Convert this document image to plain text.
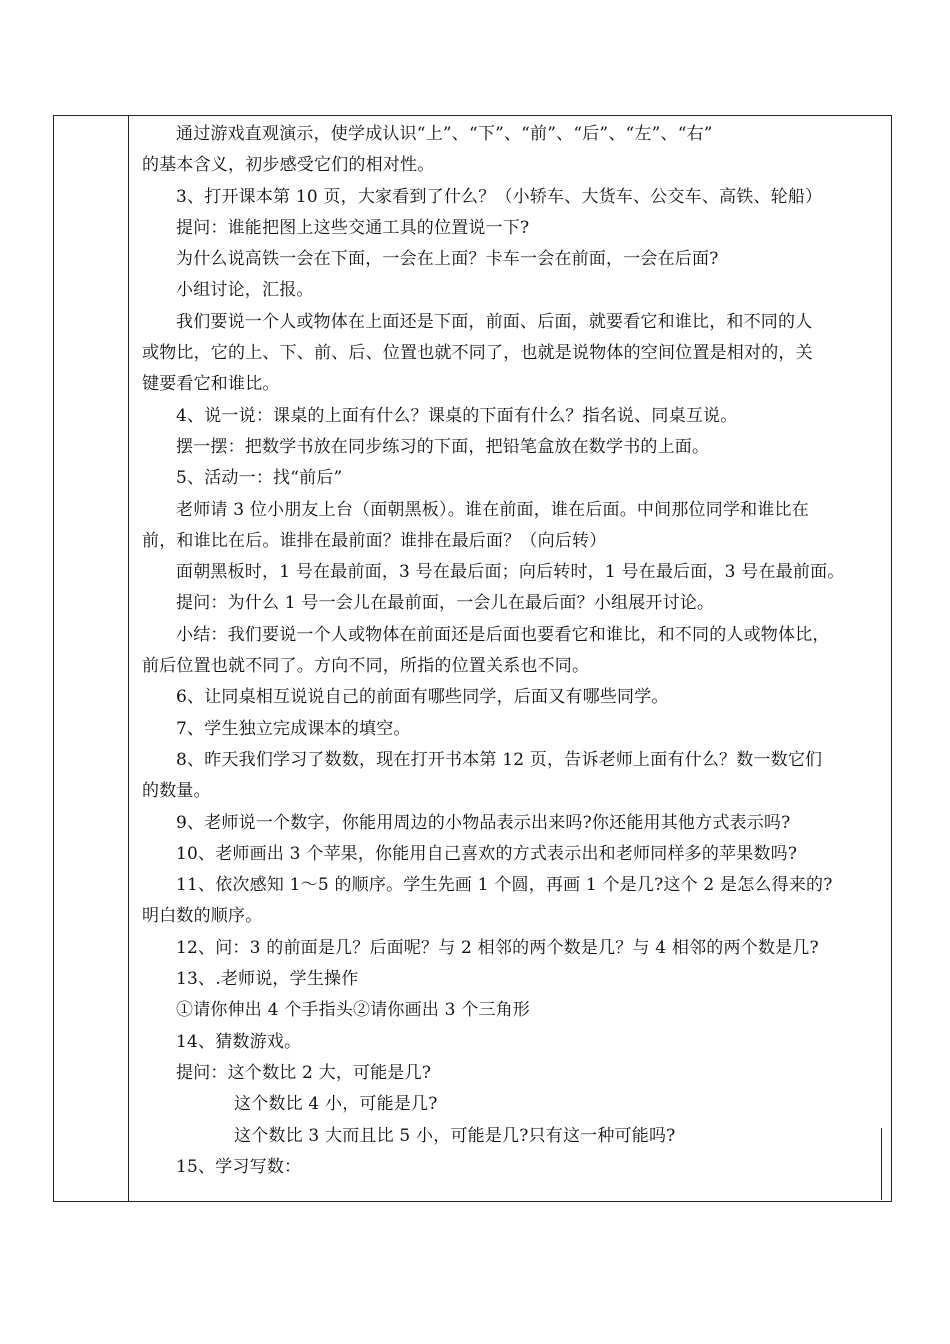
通过游戏直观演示，使学成认识“上”、“下”、“前”、“后”、“左”、“右”
的基本含义，初步感受它们的相对性。
3、打开课本第 10 页，大家看到了什么？（小轿车、大货车、公交车、高铁、轮船）
提问：谁能把图上这些交通工具的位置说一下?
为什么说高铁一会在下面，一会在上面？卡车一会在前面，一会在后面?
小组讨论，汇报。
我们要说一个人或物体在上面还是下面，前面、后面，就要看它和谁比，和不同的人
或物比，它的上、下、前、后、位置也就不同了，也就是说物体的空间位置是相对的，关
键要看它和谁比。
4、说一说：课桌的上面有什么？课桌的下面有什么？指名说、同桌互说。
摆一摆：把数学书放在同步练习的下面，把铅笔盒放在数学书的上面。
5、活动一：找“前后”
老师请 3 位小朋友上台（面朝黑板）。谁在前面，谁在后面。中间那位同学和谁比在
前，和谁比在后。谁排在最前面？谁排在最后面？（向后转）
面朝黑板时，1 号在最前面，3 号在最后面；向后转时，1 号在最后面，3 号在最前面。
提问：为什么 1 号一会儿在最前面，一会儿在最后面？小组展开讨论。
小结：我们要说一个人或物体在前面还是后面也要看它和谁比，和不同的人或物体比，
前后位置也就不同了。方向不同，所指的位置关系也不同。
6、让同桌相互说说自己的前面有哪些同学，后面又有哪些同学。
7、学生独立完成课本的填空。
8、昨天我们学习了数数，现在打开书本第 12 页，告诉老师上面有什么？数一数它们
的数量。
9、老师说一个数字，你能用周边的小物品表示出来吗?你还能用其他方式表示吗?
10、老师画出 3 个苹果，你能用自己喜欢的方式表示出和老师同样多的苹果数吗?
11、依次感知 1～5 的顺序。学生先画 1 个圆，再画 1 个是几?这个 2 是怎么得来的?
明白数的顺序。
12、问：3 的前面是几？后面呢？与 2 相邻的两个数是几？与 4 相邻的两个数是几?
13、.老师说，学生操作
①请你伸出 4 个手指头②请你画出 3 个三角形
14、猜数游戏。
提问：这个数比 2 大，可能是几?
这个数比 4 小，可能是几?
这个数比 3 大而且比 5 小，可能是几?只有这一种可能吗?
15、学习写数：
